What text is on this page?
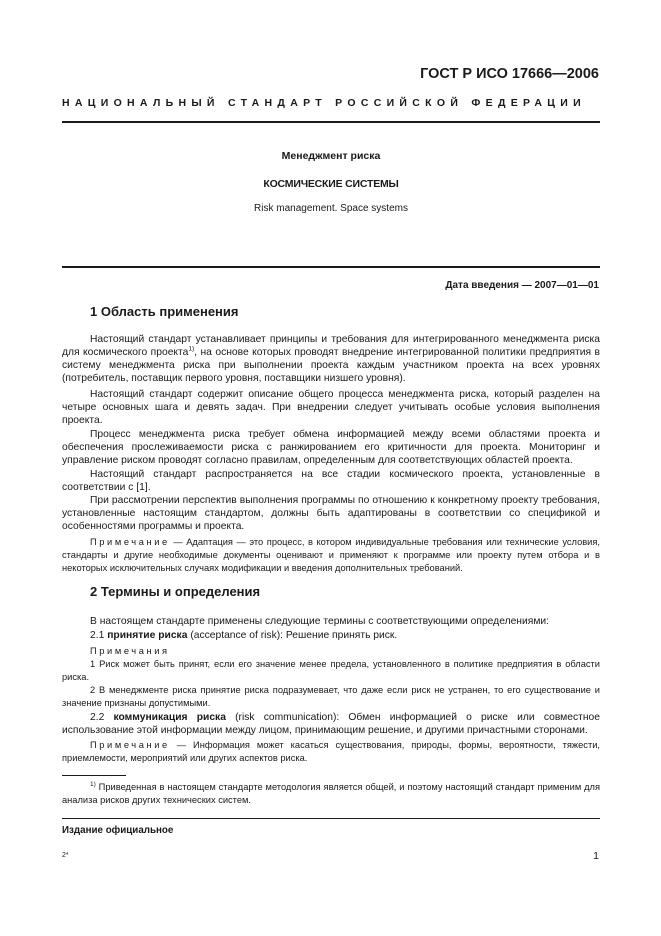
ГОСТ Р ИСО 17666—2006
НАЦИОНАЛЬНЫЙ СТАНДАРТ РОССИЙСКОЙ ФЕДЕРАЦИИ
Менеджмент риска
КОСМИЧЕСКИЕ СИСТЕМЫ
Risk management. Space systems
Дата введения — 2007—01—01
1 Область применения

Настоящий стандарт устанавливает принципы и требования для интегрированного менеджмента риска для космического проекта$^{1)}$, на основе которых проводят внедрение интегрированной политики предприятия в систему менеджмента риска при выполнении проекта каждым участником проекта на всех уровнях (потребитель, поставщик первого уровня, поставщики низшего уровня).

Настоящий стандарт содержит описание общего процесса менеджмента риска, который разделен на четыре основных шага и девять задач. При внедрении следует учитывать особые условия выполнения проекта.

Процесс менеджмента риска требует обмена информацией между всеми областями проекта и обеспечения прослеживаемости риска с ранжированием его критичности для проекта. Мониторинг и управление риском проводят согласно правилам, определенным для соответствующих областей проекта.

Настоящий стандарт распространяется на все стадии космического проекта, установленные в соответствии с [1].

При рассмотрении перспектив выполнения программы по отношению к конкретному проекту требования, установленные настоящим стандартом, должны быть адаптированы в соответствии со спецификой и особенностями программы и проекта.

Примечание — Адаптация — это процесс, в котором индивидуальные требования или технические условия, стандарты и другие необходимые документы оценивают и применяют к программе или проекту путем отбора и в некоторых исключительных случаях модификации и введения дополнительных требований.

2 Термины и определения

В настоящем стандарте применены следующие термины с соответствующими определениями:

2.1 принятие риска (acceptance of risk): Решение принять риск.

Примечания

1 Риск может быть принят, если его значение менее предела, установленного в политике предприятия в области риска.

2 В менеджменте риска принятие риска подразумевает, что даже если риск не устранен, то его существование и значение признаны допустимыми.

2.2 коммуникация риска (risk communication): Обмен информацией о риске или совместное использование этой информации между лицом, принимающим решение, и другими причастными сторонами.

Примечание — Информация может касаться существования, природы, формы, вероятности, тяжести, приемлемости, мероприятий или других аспектов риска.

$^{1)}$ Приведенная в настоящем стандарте методология является общей, и поэтому настоящий стандарт применим для анализа рисков других технических систем.

Издание официальное
2*	1
